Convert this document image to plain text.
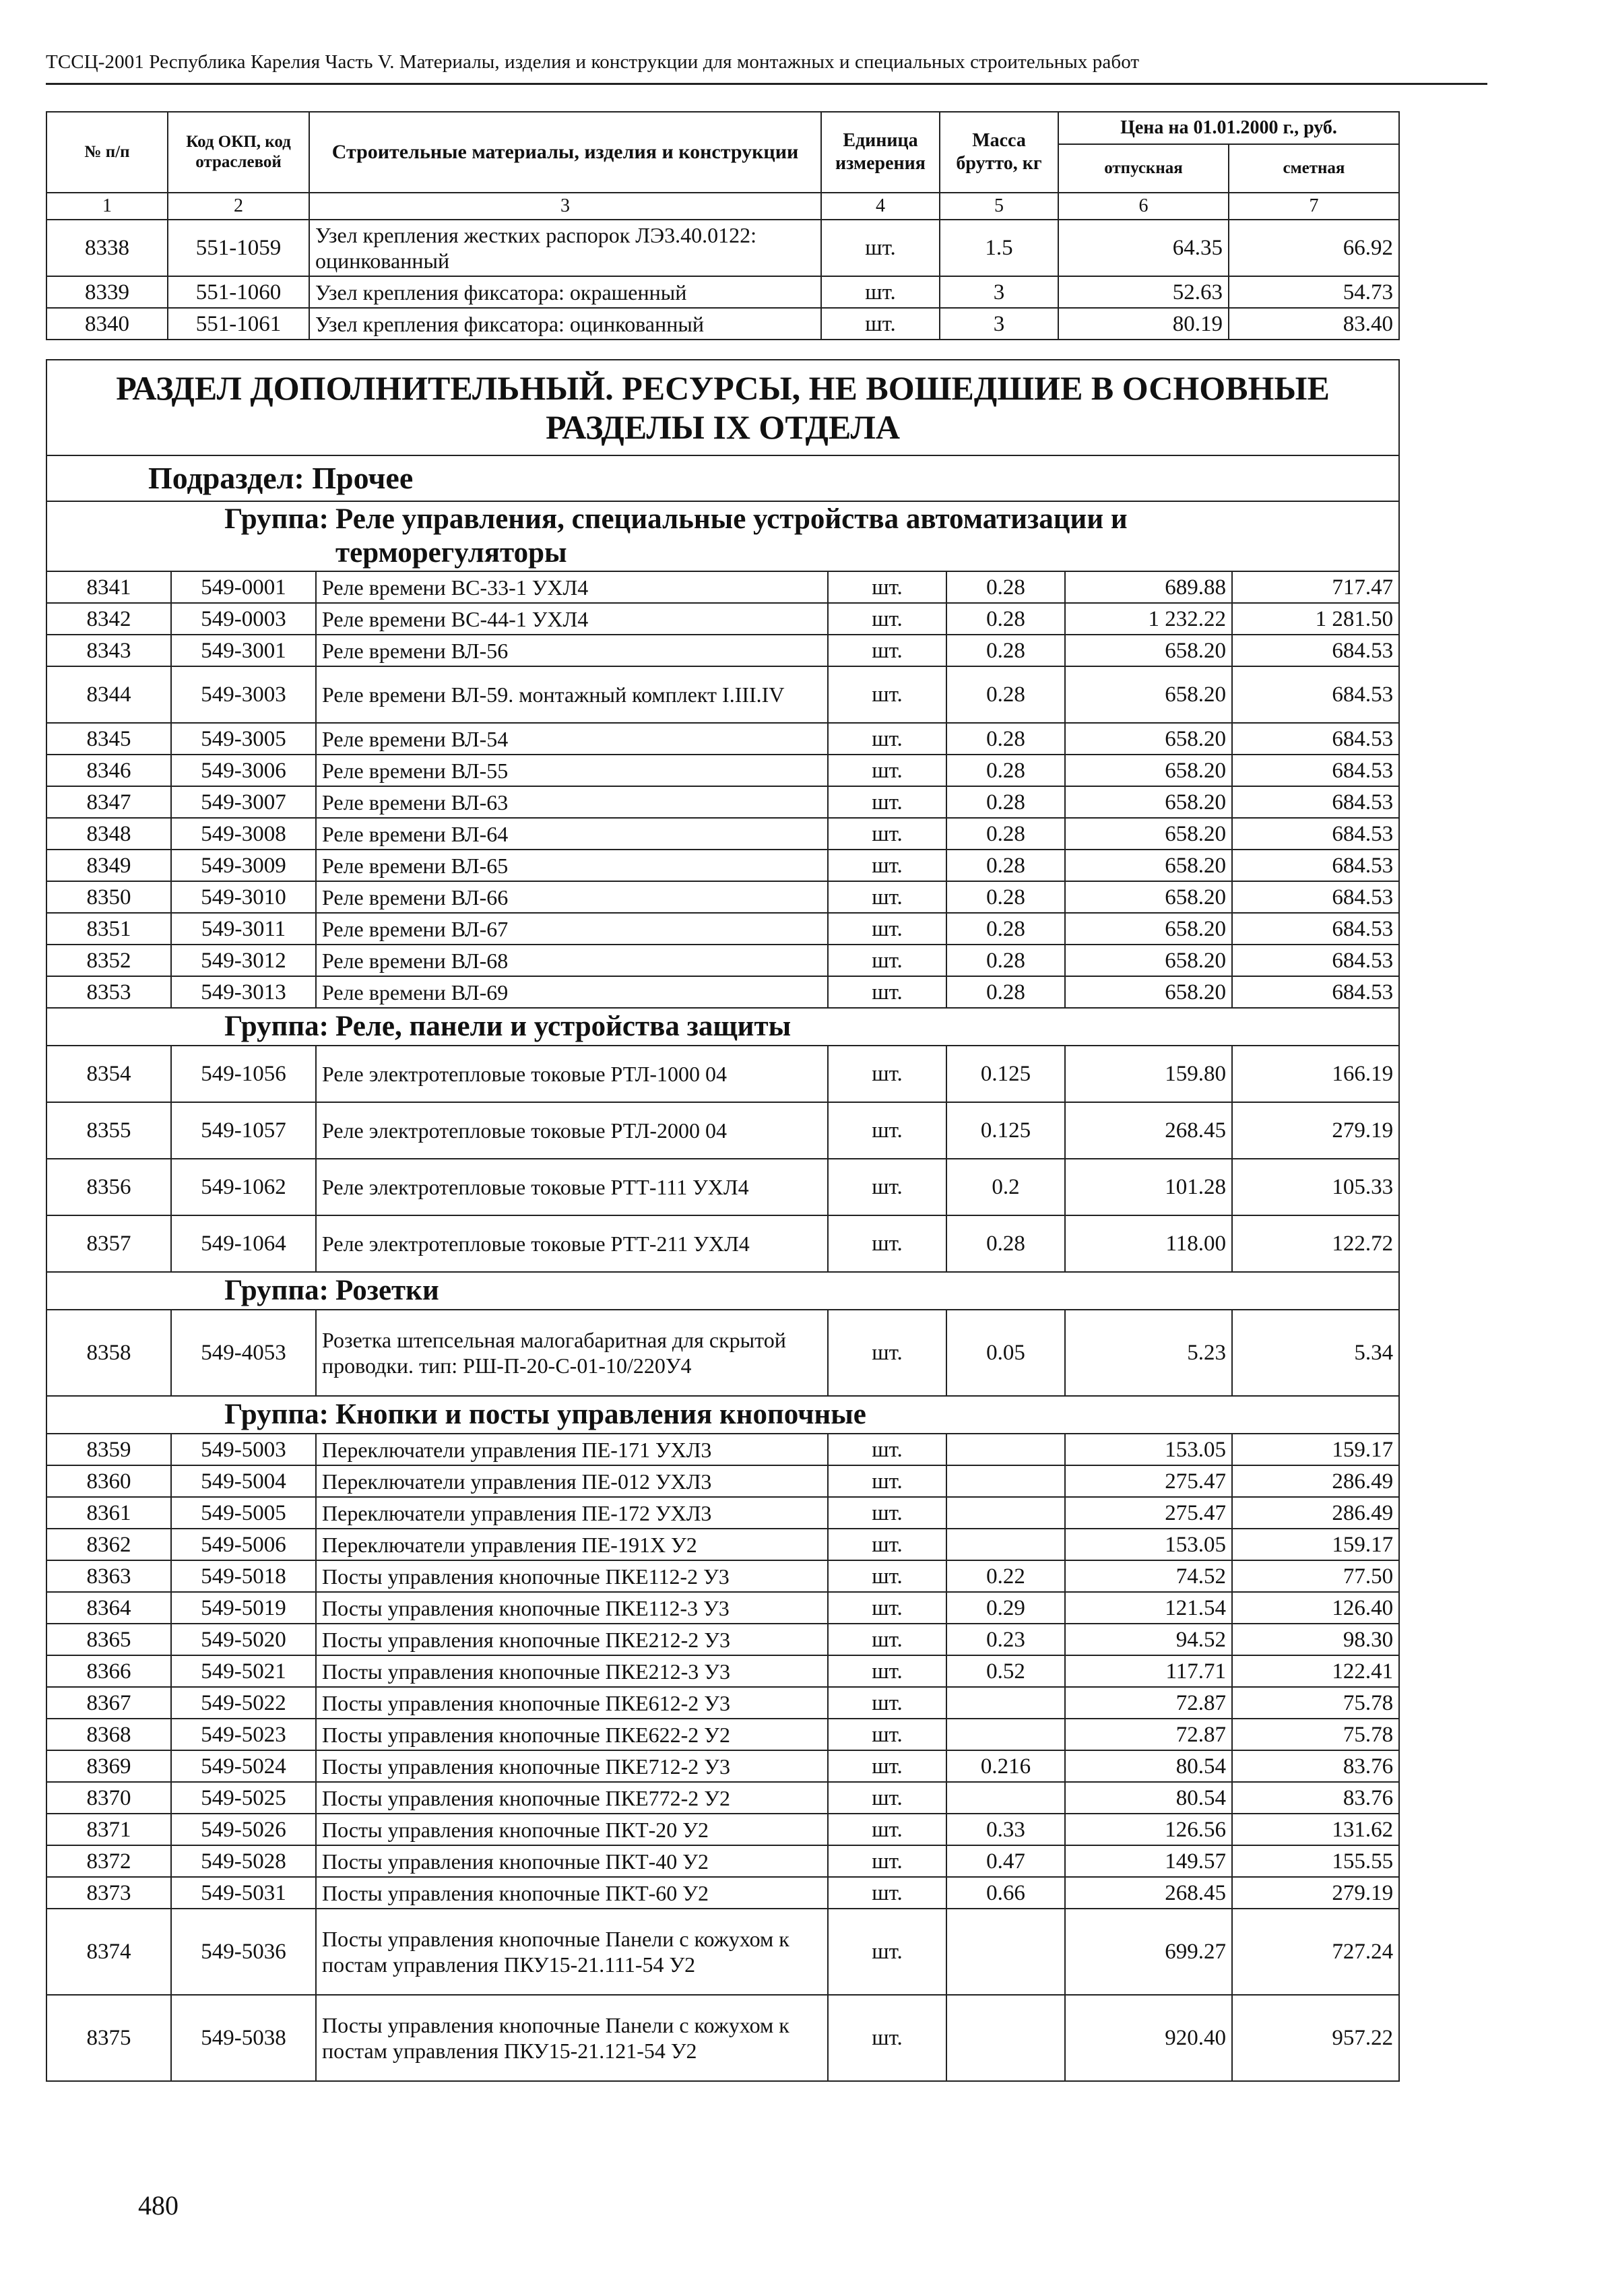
ТССЦ-2001 Республика Карелия Часть V. Материалы, изделия и конструкции для монтажных и специальных строительных работ
№ п/п	Код ОКП, код отраслевой	Строительные материалы, изделия и конструкции	Единица измерения	Масса брутто, кг	Цена на 01.01.2000 г., руб.	
					отпускная	сметная
1	2	3	4	5	6	7
8338	551-1059	Узел крепления жестких распорок ЛЭ3.40.0122: оцинкованный	шт.	1.5	64.35	66.92
8339	551-1060	Узел крепления фиксатора: окрашенный	шт.	3	52.63	54.73
8340	551-1061	Узел крепления фиксатора: оцинкованный	шт.	3	80.19	83.40
РАЗДЕЛ ДОПОЛНИТЕЛЬНЫЙ. РЕСУРСЫ, НЕ ВОШЕДШИЕ В ОСНОВНЫЕ РАЗДЕЛЫ IX ОТДЕЛА						
Подраздел: Прочее						
Группа: Реле управления, специальные устройства автоматизации и терморегуляторы						
8341	549-0001	Реле времени ВС-33-1 УХЛ4	шт.	0.28	689.88	717.47
8342	549-0003	Реле времени ВС-44-1 УХЛ4	шт.	0.28	1 232.22	1 281.50
8343	549-3001	Реле времени ВЛ-56	шт.	0.28	658.20	684.53
8344	549-3003	Реле времени ВЛ-59. монтажный комплект I.III.IV	шт.	0.28	658.20	684.53
8345	549-3005	Реле времени ВЛ-54	шт.	0.28	658.20	684.53
8346	549-3006	Реле времени ВЛ-55	шт.	0.28	658.20	684.53
8347	549-3007	Реле времени ВЛ-63	шт.	0.28	658.20	684.53
8348	549-3008	Реле времени ВЛ-64	шт.	0.28	658.20	684.53
8349	549-3009	Реле времени ВЛ-65	шт.	0.28	658.20	684.53
8350	549-3010	Реле времени ВЛ-66	шт.	0.28	658.20	684.53
8351	549-3011	Реле времени ВЛ-67	шт.	0.28	658.20	684.53
8352	549-3012	Реле времени ВЛ-68	шт.	0.28	658.20	684.53
8353	549-3013	Реле времени ВЛ-69	шт.	0.28	658.20	684.53
Группа: Реле, панели и устройства защиты						
8354	549-1056	Реле электротепловые токовые РТЛ-1000 04	шт.	0.125	159.80	166.19
8355	549-1057	Реле электротепловые токовые РТЛ-2000 04	шт.	0.125	268.45	279.19
8356	549-1062	Реле электротепловые токовые РТТ-111 УХЛ4	шт.	0.2	101.28	105.33
8357	549-1064	Реле электротепловые токовые РТТ-211 УХЛ4	шт.	0.28	118.00	122.72
Группа: Розетки						
8358	549-4053	Розетка штепсельная малогабаритная для скрытой проводки. тип: РШ-П-20-С-01-10/220У4	шт.	0.05	5.23	5.34
Группа: Кнопки и посты управления кнопочные						
8359	549-5003	Переключатели управления ПЕ-171 УХЛ3	шт.		153.05	159.17
8360	549-5004	Переключатели управления ПЕ-012 УХЛ3	шт.		275.47	286.49
8361	549-5005	Переключатели управления ПЕ-172 УХЛ3	шт.		275.47	286.49
8362	549-5006	Переключатели управления ПЕ-191Х У2	шт.		153.05	159.17
8363	549-5018	Посты управления кнопочные ПКЕ112-2 У3	шт.	0.22	74.52	77.50
8364	549-5019	Посты управления кнопочные ПКЕ112-3 У3	шт.	0.29	121.54	126.40
8365	549-5020	Посты управления кнопочные ПКЕ212-2 У3	шт.	0.23	94.52	98.30
8366	549-5021	Посты управления кнопочные ПКЕ212-3 У3	шт.	0.52	117.71	122.41
8367	549-5022	Посты управления кнопочные ПКЕ612-2 У3	шт.		72.87	75.78
8368	549-5023	Посты управления кнопочные ПКЕ622-2 У2	шт.		72.87	75.78
8369	549-5024	Посты управления кнопочные ПКЕ712-2 У3	шт.	0.216	80.54	83.76
8370	549-5025	Посты управления кнопочные ПКЕ772-2 У2	шт.		80.54	83.76
8371	549-5026	Посты управления кнопочные ПКТ-20 У2	шт.	0.33	126.56	131.62
8372	549-5028	Посты управления кнопочные ПКТ-40 У2	шт.	0.47	149.57	155.55
8373	549-5031	Посты управления кнопочные ПКТ-60 У2	шт.	0.66	268.45	279.19
8374	549-5036	Посты управления кнопочные Панели с кожухом к постам управления ПКУ15-21.111-54 У2	шт.		699.27	727.24
8375	549-5038	Посты управления кнопочные Панели с кожухом к постам управления ПКУ15-21.121-54 У2	шт.		920.40	957.22
480
